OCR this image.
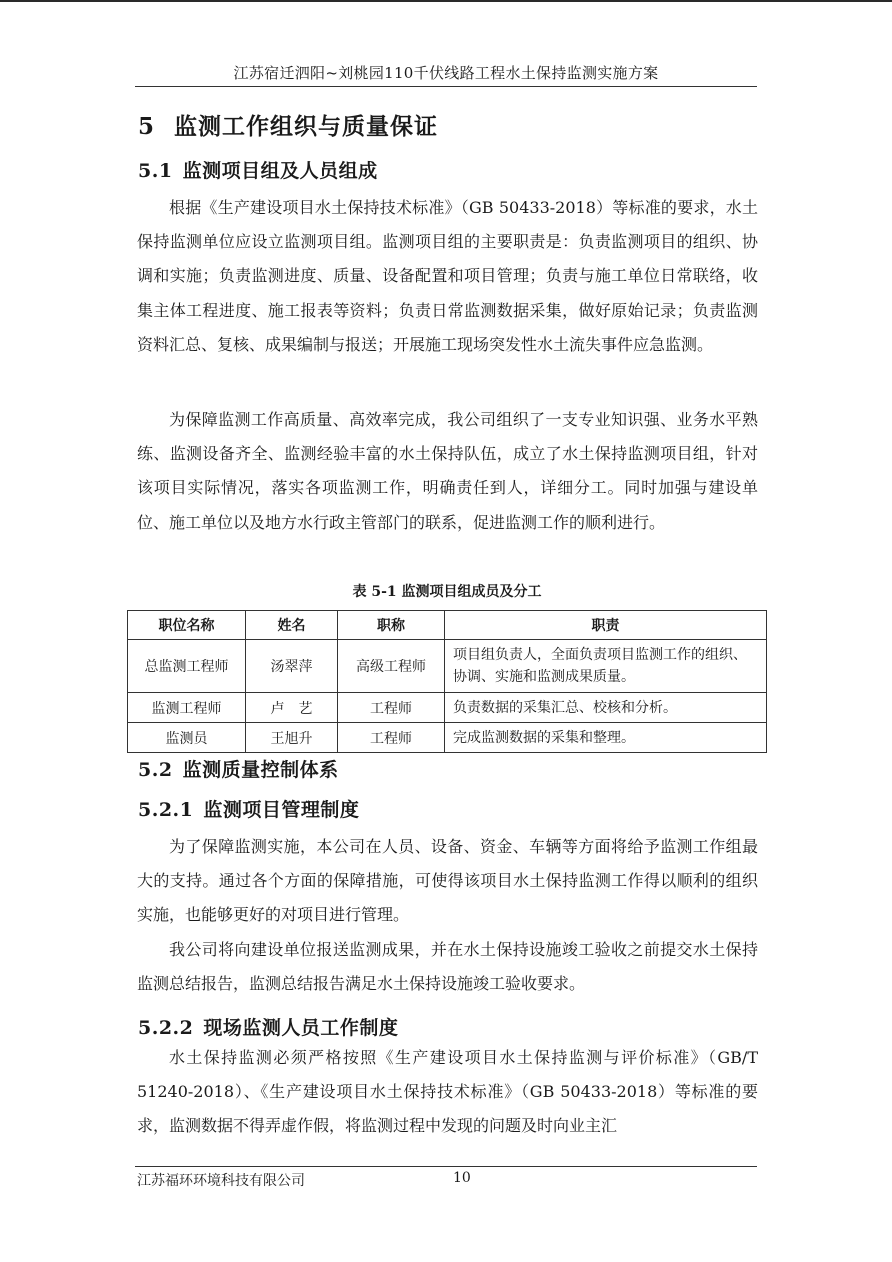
江苏宿迁泗阳~刘桃园110千伏线路工程水土保持监测实施方案
5 监测工作组织与质量保证
5.1 监测项目组及人员组成

根据《生产建设项目水土保持技术标准》（GB 50433-2018）等标准的要求，水土保持监测单位应设立监测项目组。监测项目组的主要职责是：负责监测项目的组织、协调和实施；负责监测进度、质量、设备配置和项目管理；负责与施工单位日常联络，收集主体工程进度、施工报表等资料；负责日常监测数据采集，做好原始记录；负责监测资料汇总、复核、成果编制与报送；开展施工现场突发性水土流失事件应急监测。

为保障监测工作高质量、高效率完成，我公司组织了一支专业知识强、业务水平熟练、监测设备齐全、监测经验丰富的水土保持队伍，成立了水土保持监测项目组，针对该项目实际情况，落实各项监测工作，明确责任到人，详细分工。同时加强与建设单位、施工单位以及地方水行政主管部门的联系，促进监测工作的顺利进行。

表 5-1 监测项目组成员及分工
职位名称	姓名	职称	职责
总监测工程师	汤翠萍	高级工程师	项目组负责人，全面负责项目监测工作的组织、协调、实施和监测成果质量。
监测工程师	卢　艺	工程师	负责数据的采集汇总、校核和分析。
监测员	王旭升	工程师	完成监测数据的采集和整理。
5.2 监测质量控制体系
5.2.1 监测项目管理制度

为了保障监测实施，本公司在人员、设备、资金、车辆等方面将给予监测工作组最大的支持。通过各个方面的保障措施，可使得该项目水土保持监测工作得以顺利的组织实施，也能够更好的对项目进行管理。

我公司将向建设单位报送监测成果，并在水土保持设施竣工验收之前提交水土保持监测总结报告，监测总结报告满足水土保持设施竣工验收要求。

5.2.2 现场监测人员工作制度

水土保持监测必须严格按照《生产建设项目水土保持监测与评价标准》（GB/T 51240-2018）、《生产建设项目水土保持技术标准》（GB 50433-2018）等标准的要求，监测数据不得弄虚作假，将监测过程中发现的问题及时向业主汇

江苏福环环境科技有限公司	10
